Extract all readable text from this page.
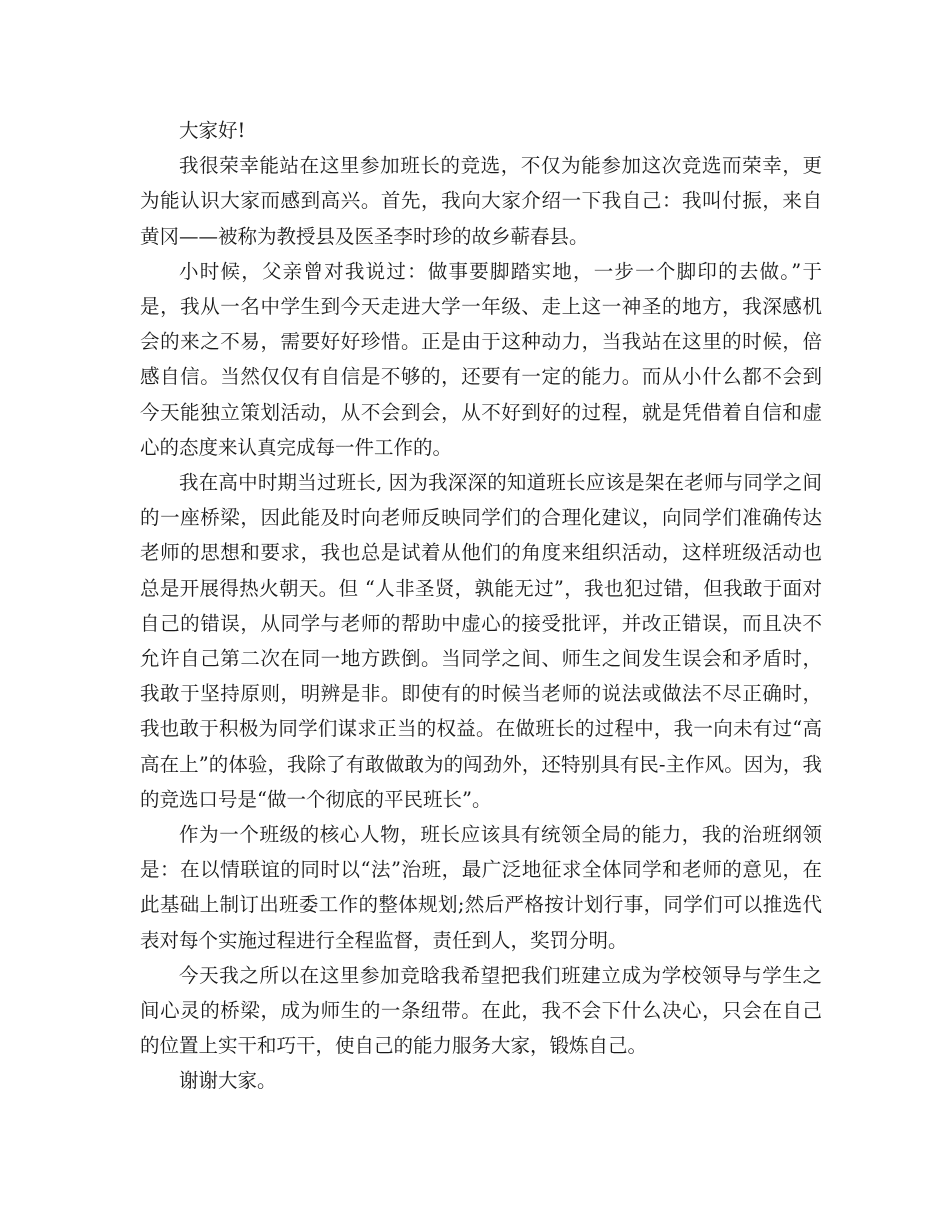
大家好!

我很荣幸能站在这里参加班长的竞选，不仅为能参加这次竞选而荣幸，更为能认识大家而感到高兴。首先，我向大家介绍一下我自己：我叫付振，来自黄冈——被称为教授县及医圣李时珍的故乡蕲春县。

小时候，父亲曾对我说过：做事要脚踏实地，一步一个脚印的去做。”于是，我从一名中学生到今天走进大学一年级、走上这一神圣的地方，我深感机会的来之不易，需要好好珍惜。正是由于这种动力，当我站在这里的时候，倍感自信。当然仅仅有自信是不够的，还要有一定的能力。而从小什么都不会到今天能独立策划活动，从不会到会，从不好到好的过程，就是凭借着自信和虚心的态度来认真完成每一件工作的。

我在高中时期当过班长, 因为我深深的知道班长应该是架在老师与同学之间的一座桥梁，因此能及时向老师反映同学们的合理化建议，向同学们准确传达老师的思想和要求，我也总是试着从他们的角度来组织活动，这样班级活动也总是开展得热火朝天。但 “人非圣贤，孰能无过”，我也犯过错，但我敢于面对自己的错误，从同学与老师的帮助中虚心的接受批评，并改正错误，而且决不允许自己第二次在同一地方跌倒。当同学之间、师生之间发生误会和矛盾时，我敢于坚持原则，明辨是非。即使有的时候当老师的说法或做法不尽正确时，我也敢于积极为同学们谋求正当的权益。在做班长的过程中，我一向未有过“高高在上”的体验，我除了有敢做敢为的闯劲外，还特别具有民-主作风。因为，我的竞选口号是“做一个彻底的平民班长”。

作为一个班级的核心人物，班长应该具有统领全局的能力，我的治班纲领是：在以情联谊的同时以“法”治班，最广泛地征求全体同学和老师的意见，在此基础上制订出班委工作的整体规划;然后严格按计划行事，同学们可以推选代表对每个实施过程进行全程监督，责任到人，奖罚分明。

今天我之所以在这里参加竞晗我希望把我们班建立成为学校领导与学生之间心灵的桥梁，成为师生的一条纽带。在此，我不会下什么决心，只会在自己的位置上实干和巧干，使自己的能力服务大家，锻炼自己。

谢谢大家。
